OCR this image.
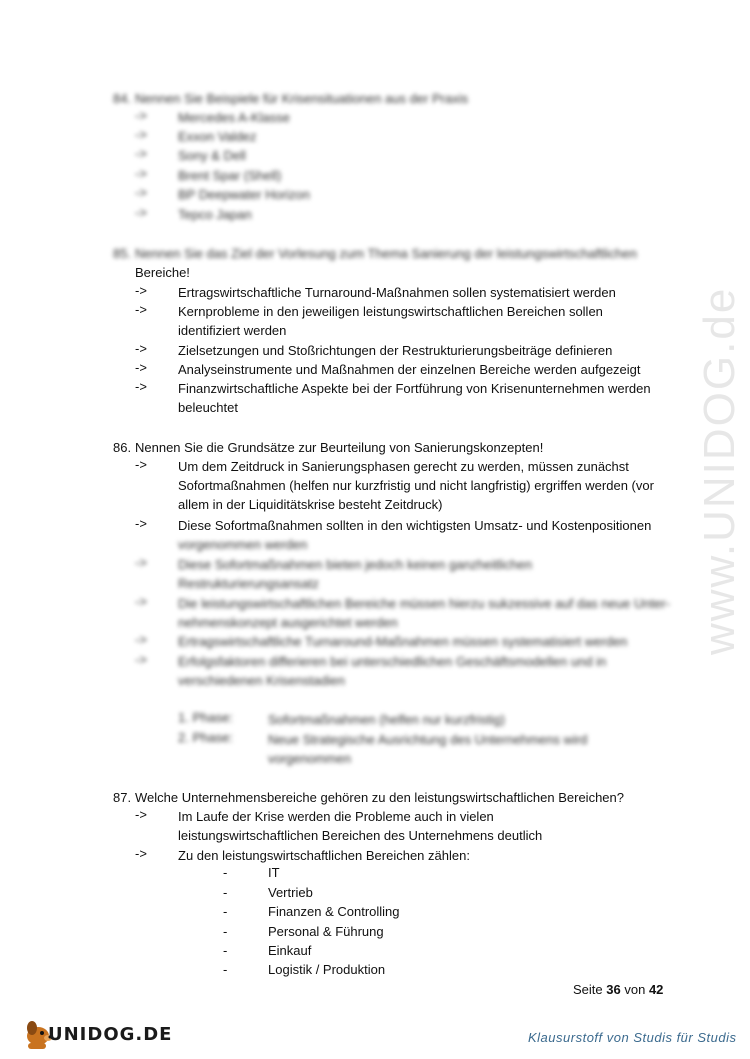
www.UNIDOG.de
84. Nennen Sie Beispiele für Krisensituationen aus der Praxis
->	Mercedes A-Klasse
->	Exxon Valdez
->	Sony & Dell
->	Brent Spar (Shell)
->	BP Deepwater Horizon
->	Tepco Japan
85. Nennen Sie das Ziel der Vorlesung zum Thema Sanierung der leistungswirtschaftlichen
Bereiche!
->	Ertragswirtschaftliche Turnaround-Maßnahmen sollen systematisiert werden
->	Kernprobleme in den jeweiligen leistungswirtschaftlichen Bereichen sollen
identifiziert werden
->	Zielsetzungen und Stoßrichtungen der Restrukturierungsbeiträge definieren
->	Analyseinstrumente und Maßnahmen der einzelnen Bereiche werden aufgezeigt
->	Finanzwirtschaftliche Aspekte bei der Fortführung von Krisenunternehmen werden
beleuchtet
86. Nennen Sie die Grundsätze zur Beurteilung von Sanierungskonzepten!
->	Um dem Zeitdruck in Sanierungsphasen gerecht zu werden, müssen zunächst
Sofortmaßnahmen (helfen nur kurzfristig und nicht langfristig) ergriffen werden (vor
allem in der Liquiditätskrise besteht Zeitdruck)
->	Diese Sofortmaßnahmen sollten in den wichtigsten Umsatz- und Kostenpositionen
vorgenommen werden
->	Diese Sofortmaßnahmen bieten jedoch keinen ganzheitlichen
Restrukturierungsansatz
->	Die leistungswirtschaftlichen Bereiche müssen hierzu sukzessive auf das neue Unter-
nehmenskonzept ausgerichtet werden
->	Ertragswirtschaftliche Turnaround-Maßnahmen müssen systematisiert werden
->	Erfolgsfaktoren differieren bei unterschiedlichen Geschäftsmodellen und in
verschiedenen Krisenstadien
1. Phase:	Sofortmaßnahmen (helfen nur kurzfristig)
2. Phase:	Neue Strategische Ausrichtung des Unternehmens wird
vorgenommen
87. Welche Unternehmensbereiche gehören zu den leistungswirtschaftlichen Bereichen?
->	Im Laufe der Krise werden die Probleme auch in vielen
leistungswirtschaftlichen Bereichen des Unternehmens deutlich
->	Zu den leistungswirtschaftlichen Bereichen zählen:
-	IT
-	Vertrieb
-	Finanzen & Controlling
-	Personal & Führung
-	Einkauf
-	Logistik / Produktion
Seite 36 von 42
UNIDOG.DE	Klausurstoff von Studis für Studis
